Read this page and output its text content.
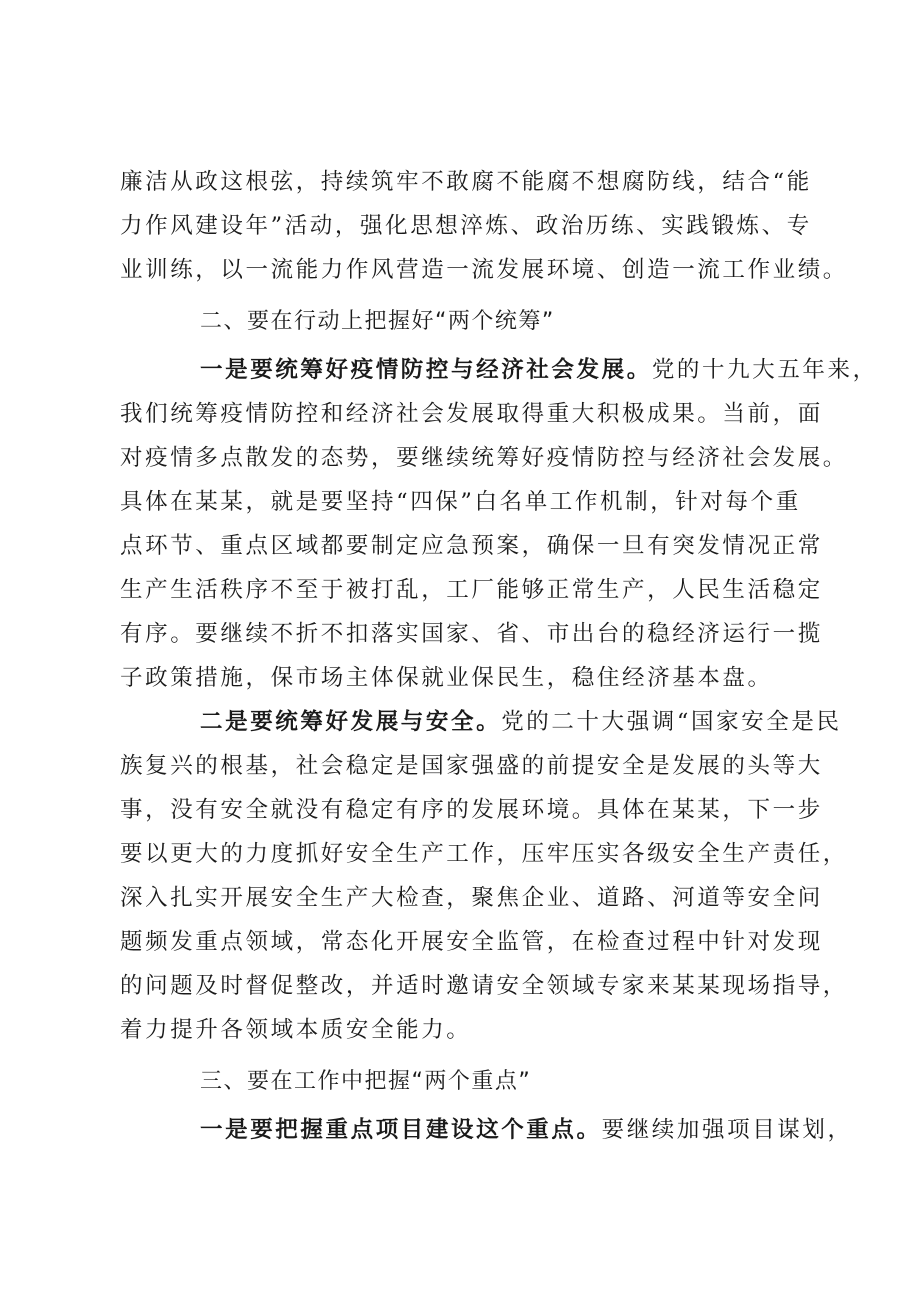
廉洁从政这根弦，持续筑牢不敢腐不能腐不想腐防线，结合“能
力作风建设年”活动，强化思想淬炼、政治历练、实践锻炼、专
业训练，以一流能力作风营造一流发展环境、创造一流工作业绩。
二、要在行动上把握好“两个统筹”
一是要统筹好疫情防控与经济社会发展。党的十九大五年来，
我们统筹疫情防控和经济社会发展取得重大积极成果。当前，面
对疫情多点散发的态势，要继续统筹好疫情防控与经济社会发展。
具体在某某，就是要坚持“四保”白名单工作机制，针对每个重
点环节、重点区域都要制定应急预案，确保一旦有突发情况正常
生产生活秩序不至于被打乱，工厂能够正常生产，人民生活稳定
有序。要继续不折不扣落实国家、省、市出台的稳经济运行一揽
子政策措施，保市场主体保就业保民生，稳住经济基本盘。
二是要统筹好发展与安全。党的二十大强调“国家安全是民
族复兴的根基，社会稳定是国家强盛的前提安全是发展的头等大
事，没有安全就没有稳定有序的发展环境。具体在某某，下一步
要以更大的力度抓好安全生产工作，压牢压实各级安全生产责任，
深入扎实开展安全生产大检查，聚焦企业、道路、河道等安全问
题频发重点领域，常态化开展安全监管，在检查过程中针对发现
的问题及时督促整改，并适时邀请安全领域专家来某某现场指导，
着力提升各领域本质安全能力。
三、要在工作中把握“两个重点”
一是要把握重点项目建设这个重点。要继续加强项目谋划，
